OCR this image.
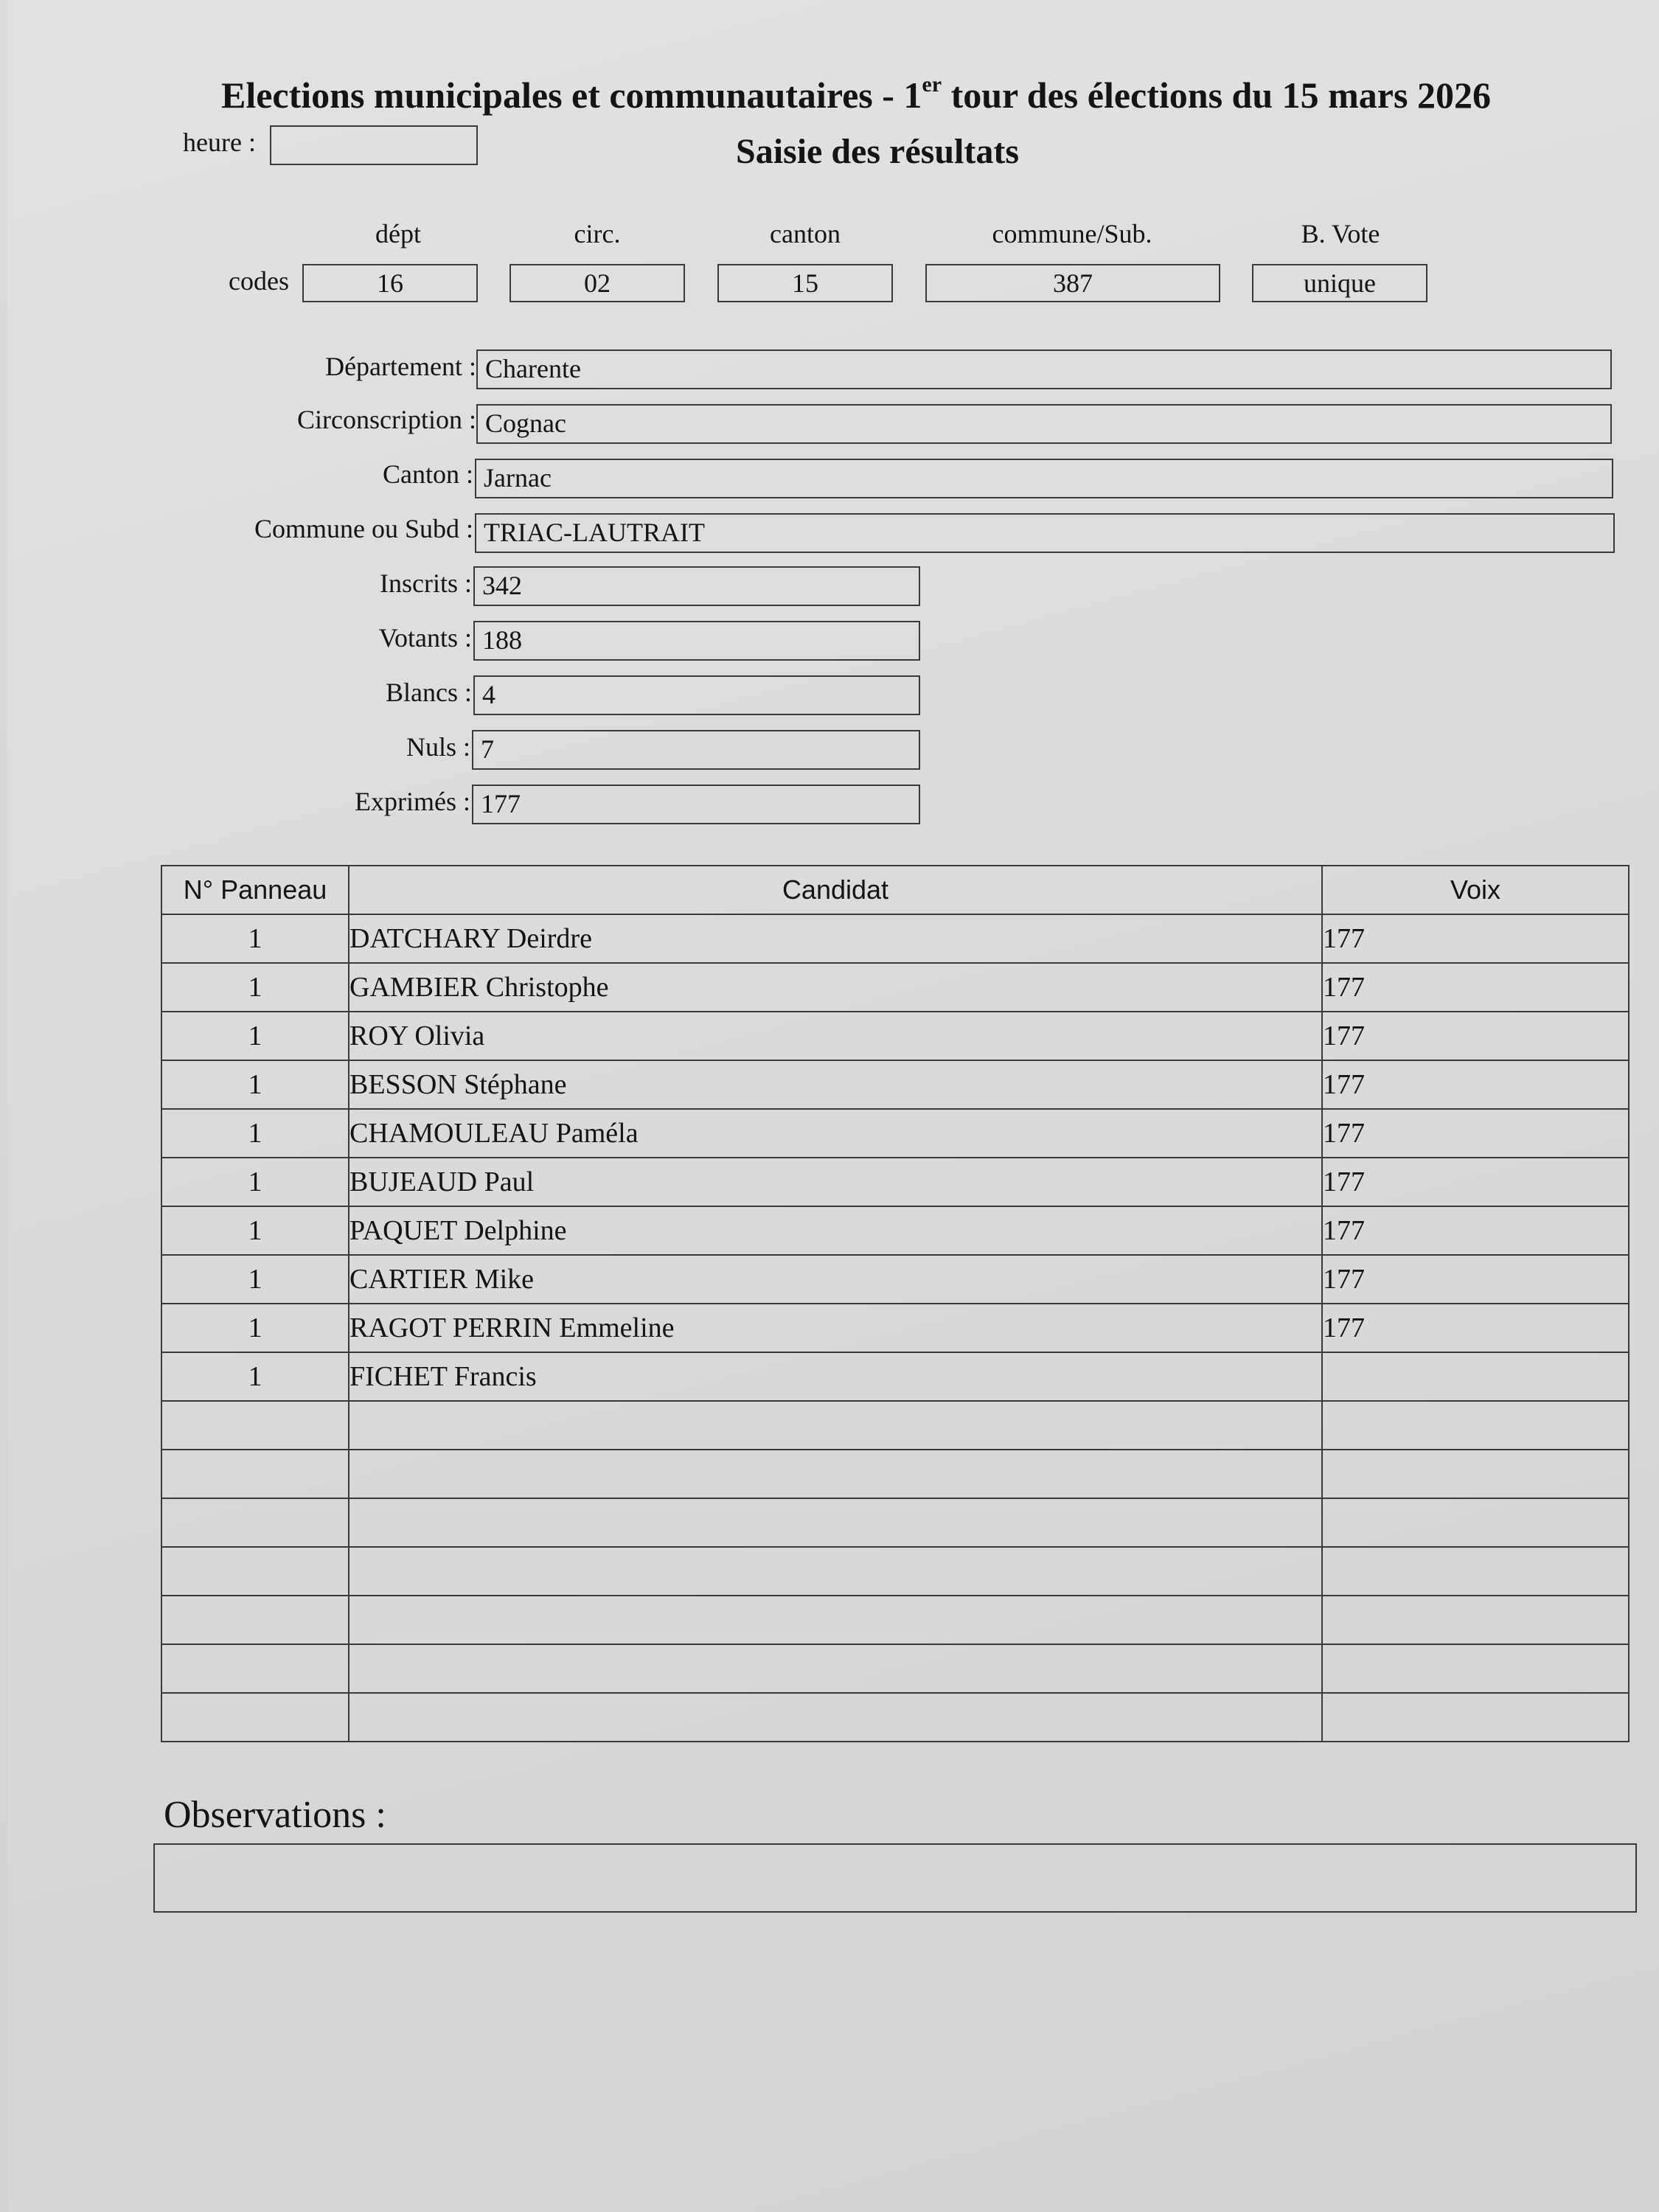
Elections municipales et communautaires - 1er tour des élections du 15 mars 2026
heure :	Saisie des résultats
dépt	circ.	canton	commune/Sub.	B. Vote
codes	16	02	15	387	unique
Département : Charente
Circonscription : Cognac
Canton : Jarnac
Commune ou Subd : TRIAC-LAUTRAIT
Inscrits : 342
Votants : 188
Blancs : 4
Nuls : 7
Exprimés : 177
N° Panneau	Candidat	Voix
1	DATCHARY Deirdre	177
1	GAMBIER Christophe	177
1	ROY Olivia	177
1	BESSON Stéphane	177
1	CHAMOULEAU Paméla	177
1	BUJEAUD Paul	177
1	PAQUET Delphine	177
1	CARTIER Mike	177
1	RAGOT PERRIN Emmeline	177
1	FICHET Francis	

Observations :
